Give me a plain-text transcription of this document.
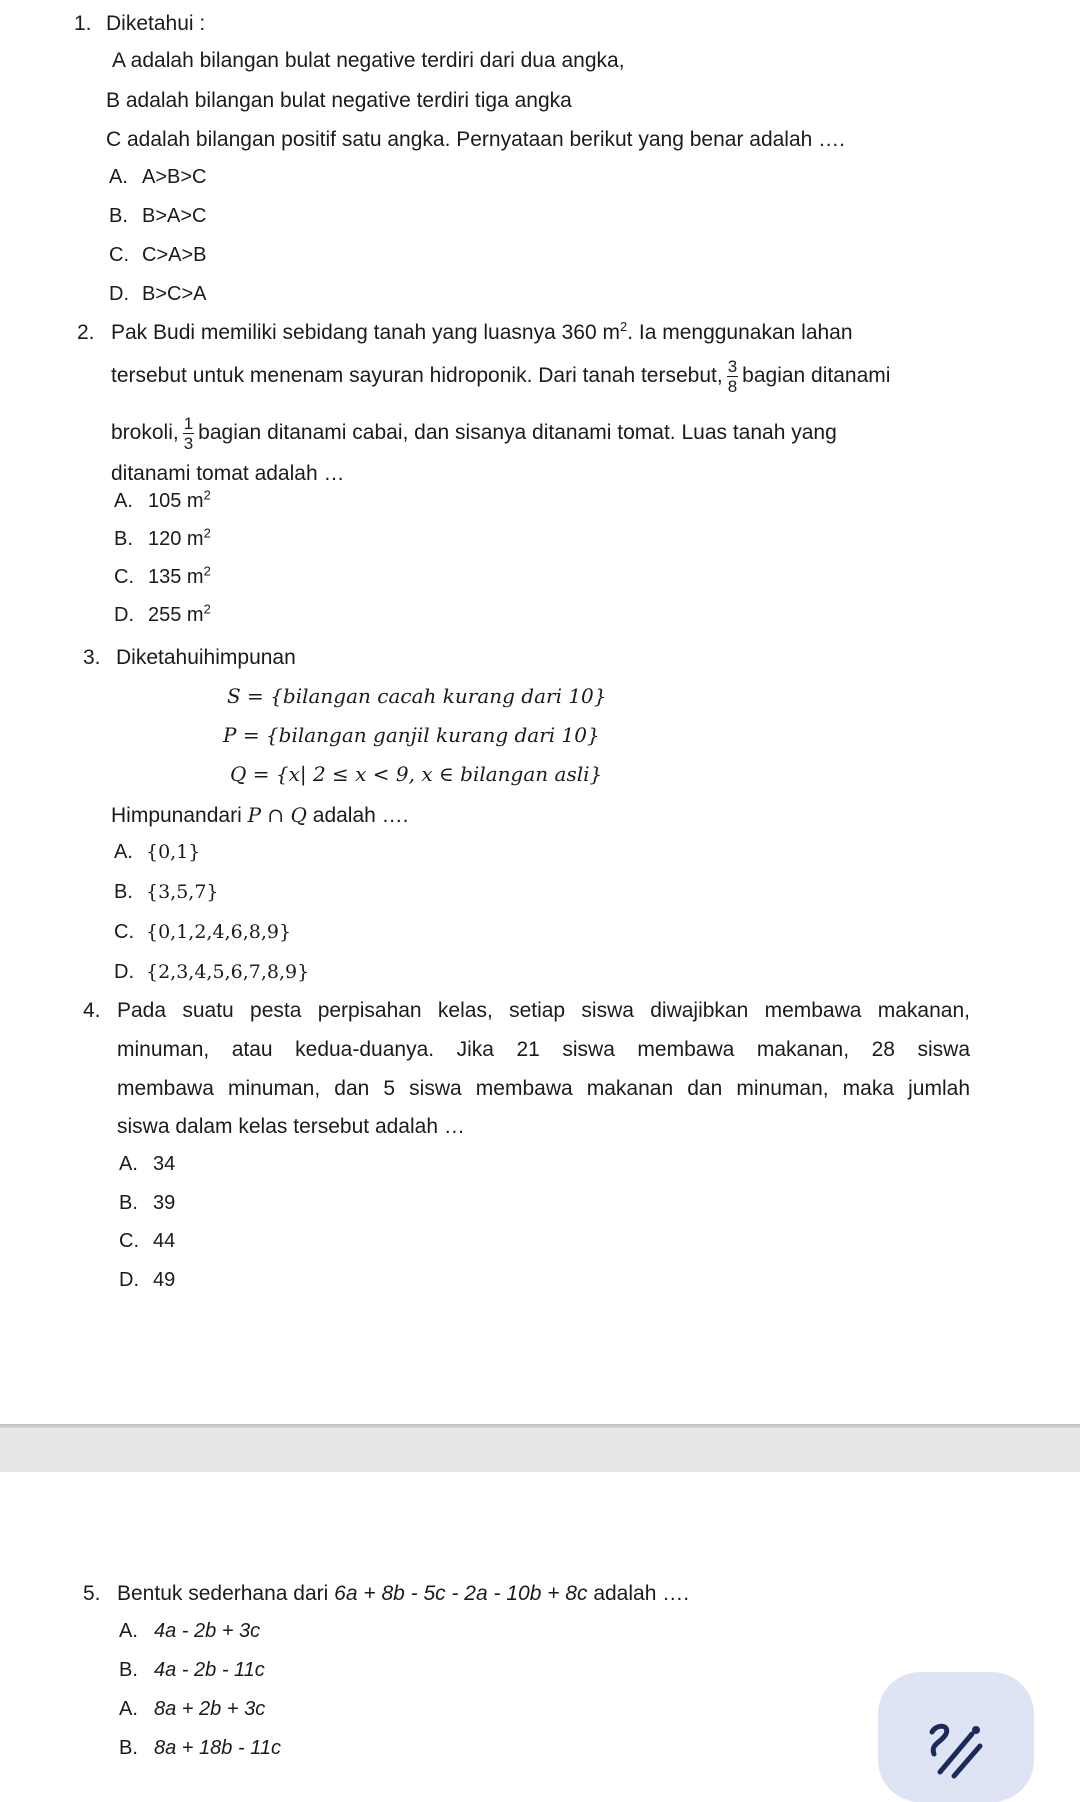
1. Diketahui :
A adalah bilangan bulat negative terdiri dari dua angka,
B adalah bilangan bulat negative terdiri tiga angka
C adalah bilangan positif satu angka. Pernyataan berikut yang benar adalah ….
A. A>B>C
B. B>A>C
C. C>A>B
D. B>C>A
2. Pak Budi memiliki sebidang tanah yang luasnya 360 $m^2$. Ia menggunakan lahan
tersebut untuk menenam sayuran hidroponik. Dari tanah tersebut, $\frac{3}{8}$ bagian ditanami
brokoli, $\frac{1}{3}$ bagian ditanami cabai, dan sisanya ditanami tomat. Luas tanah yang
ditanami tomat adalah …
A. 105 $m^2$
B. 120 $m^2$
C. 135 $m^2$
D. 255 $m^2$
3. Diketahuihimpunan
S = {bilangan cacah kurang dari 10}
P = {bilangan ganjil kurang dari 10}
Q = {x| 2 ≤ x < 9, x ∈ bilangan asli}
Himpunandari P ∩ Q adalah ….
A. {0,1}
B. {3,5,7}
C. {0,1,2,4,6,8,9}
D. {2,3,4,5,6,7,8,9}
4. Pada suatu pesta perpisahan kelas, setiap siswa diwajibkan membawa makanan,
minuman, atau kedua-duanya. Jika 21 siswa membawa makanan, 28 siswa
membawa minuman, dan 5 siswa membawa makanan dan minuman, maka jumlah
siswa dalam kelas tersebut adalah …
A. 34
B. 39
C. 44
D. 49
5. Bentuk sederhana dari 6a + 8b - 5c - 2a - 10b + 8c adalah ….
A. 4a - 2b + 3c
B. 4a - 2b - 11c
A. 8a + 2b + 3c
B. 8a + 18b - 11c
